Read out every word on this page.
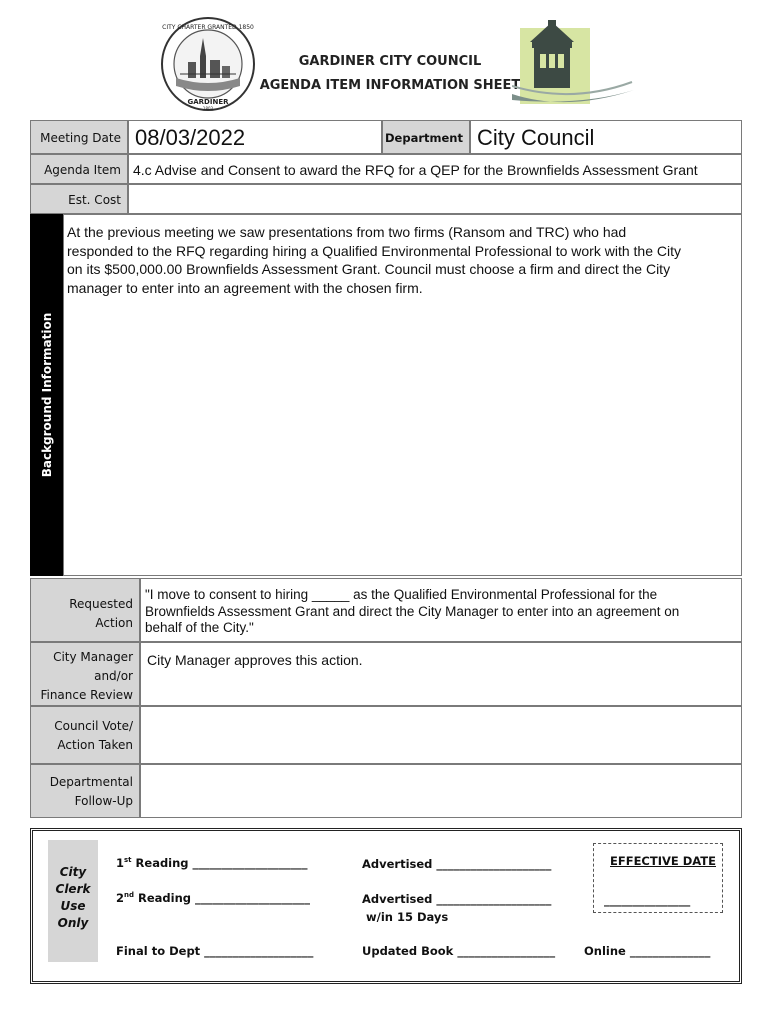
CITY CHARTER GRANTED 1850
GARDINER
1803
GARDINER CITY COUNCIL
AGENDA ITEM INFORMATION SHEET
Meeting Date 08/03/2022	Department City Council
Agenda Item 4.c Advise and Consent to award the RFQ for a QEP for the Brownfields Assessment Grant
Est. Cost
Background Information
At the previous meeting we saw presentations from two firms (Ransom and TRC) who had
responded to the RFQ regarding hiring a Qualified Environmental Professional to work with the City
on its $500,000.00 Brownfields Assessment Grant. Council must choose a firm and direct the City
manager to enter into an agreement with the chosen firm.
Requested
Action
"I move to consent to hiring _____ as the Qualified Environmental Professional for the
Brownfields Assessment Grant and direct the City Manager to enter into an agreement on
behalf of the City."
City Manager
and/or
Finance Review
City Manager approves this action.
Council Vote/
Action Taken
Departmental
Follow-Up
City
Clerk
Use
Only
1st Reading ____________________
2nd Reading ____________________
Final to Dept ___________________
Advertised ____________________
Advertised ____________________
w/in 15 Days
Updated Book _________________
EFFECTIVE DATE
_______________
Online ______________
